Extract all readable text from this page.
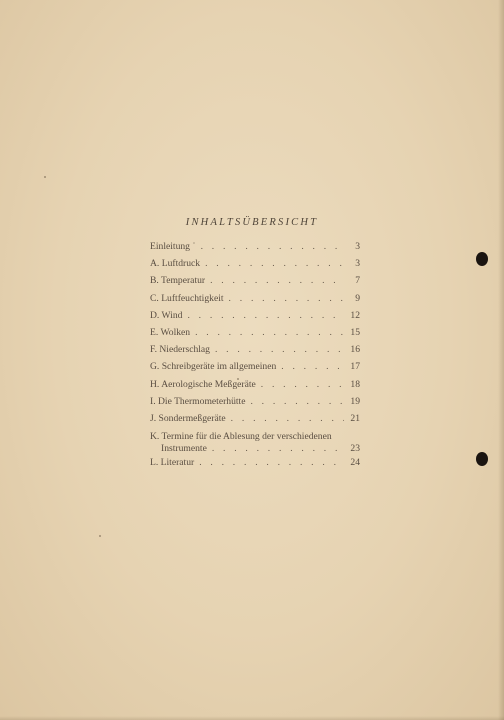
INHALTSÜBERSICHT
Einleitung ˙ . . .	3
A. Luftdruck . . .	3
B. Temperatur . . .	7
C. Luftfeuchtigkeit . . .	9
D. Wind . . .	12
E. Wolken . . .	15
F. Niederschlag . . .	16
G. Schreibgeräte im allgemeinen . . .	17
H. Aerologische Meßgeräte . . .	18
I. Die Thermometerhütte . . .	19
J. Sondermeßgeräte . . .	21
K. Termine für die Ablesung der verschiedenen
Instrumente . . .	23
L. Literatur . . .	24
